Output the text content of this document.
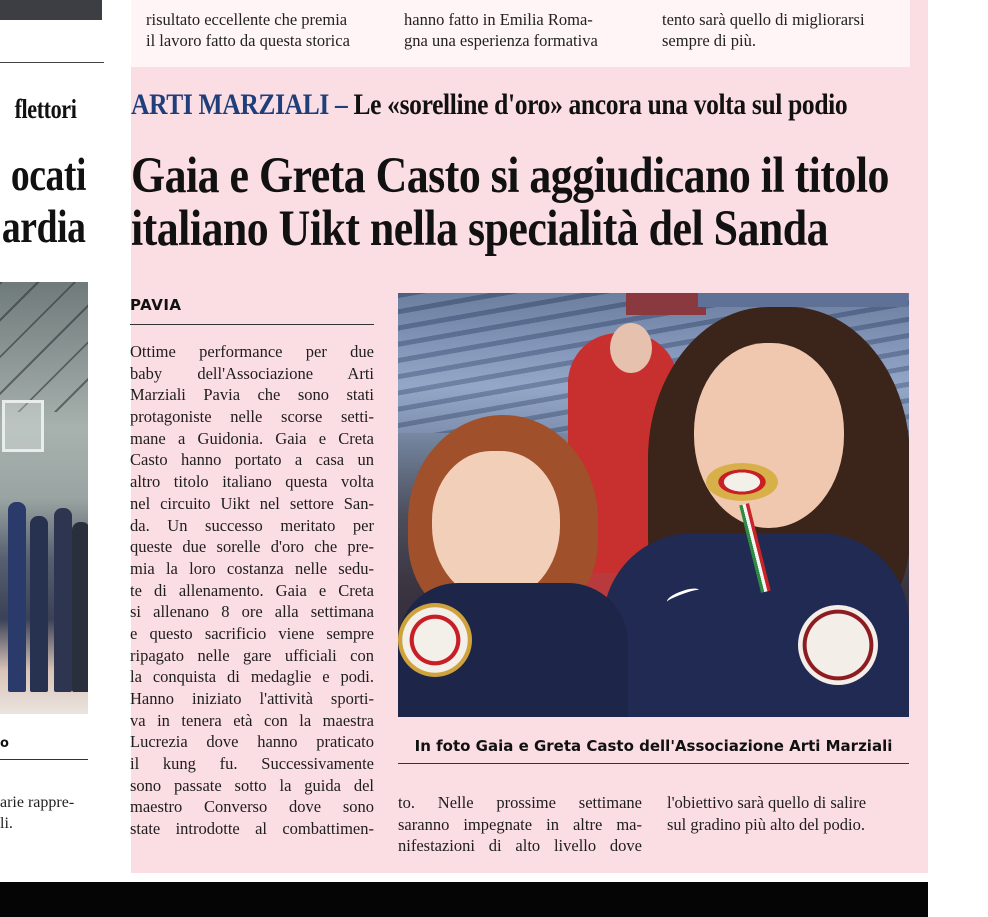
flettori
ocati
ardia
o
arie rappre-
li.

risultato eccellente che premia
il lavoro fatto da questa storica

hanno fatto in Emilia Roma-
gna una esperienza formativa

tento sarà quello di migliorarsi
sempre di più.
ARTI MARZIALI – Le «sorelline d'oro» ancora una volta sul podio
Gaia e Greta Casto si aggiudicano il titolo
italiano Uikt nella specialità del Sanda
PAVIA
Ottime performance per due
baby dell'Associazione Arti
Marziali Pavia che sono stati
protagoniste nelle scorse setti-
mane a Guidonia. Gaia e Creta
Casto hanno portato a casa un
altro titolo italiano questa volta
nel circuito Uikt nel settore San-
da. Un successo meritato per
queste due sorelle d'oro che pre-
mia la loro costanza nelle sedu-
te di allenamento. Gaia e Creta
si allenano 8 ore alla settimana
e questo sacrificio viene sempre
ripagato nelle gare ufficiali con
la conquista di medaglie e podi.
Hanno iniziato l'attività sporti-
va in tenera età con la maestra
Lucrezia dove hanno praticato
il kung fu. Successivamente
sono passate sotto la guida del
maestro Converso dove sono
state introdotte al combattimen-
In foto Gaia e Greta Casto dell'Associazione Arti Marziali
to. Nelle prossime settimane
saranno impegnate in altre ma-
nifestazioni di alto livello dove
l'obiettivo sarà quello di salire
sul gradino più alto del podio.
